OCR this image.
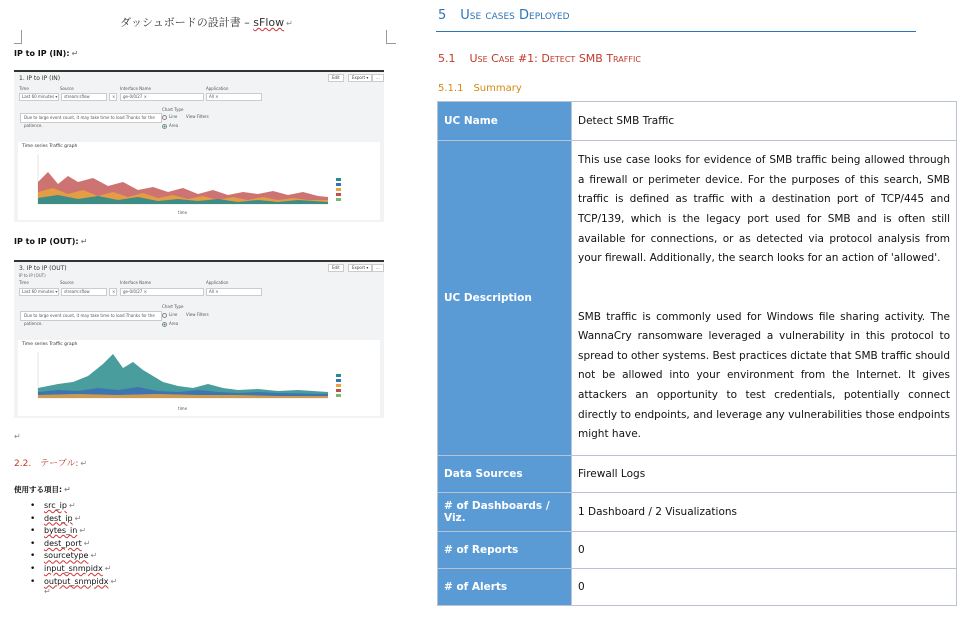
ダッシュボードの設計書 – sFlow ↵
IP to IP (IN): ↵
1. IP to IP (IN)	Edit	Export ▾	...
Time	Source	Interface Name	Application
Last 60 minutes ▾	stream:sflow	×	ge-0/0/27 ×	All ×
Chart Type
Due to large event count, it may take time to load.Thanks for the patience.
Line View Filters
Area
Time series Traffic graph
time
IP to IP (OUT): ↵
3. IP to IP (OUT)
IP to IP (OUT)
Edit	Export ▾	...
Time	Source	Interface Name	Application
Last 60 minutes ▾	stream:sflow	×	ge-0/0/27 ×	All ×
Chart Type
Due to large event count, it may take time to load.Thanks for the patience.
Line View Filters
Area
Time series Traffic graph
time
↵
2.2.　テーブル: ↵
使用する項目: ↵
• src_ip ↵
• dest_ip ↵
• bytes_in ↵
• dest_port ↵
• sourcetype ↵
• input_snmpidx ↵
• output_snmpidx ↵
↵
5 Use cases Deployed
5.1 Use Case #1: Detect SMB Traffic
5.1.1 Summary
UC Name	Detect SMB Traffic
UC Description	This use case looks for evidence of SMB traffic being allowed through a firewall or perimeter device. For the purposes of this search, SMB traffic is defined as traffic with a destination port of TCP/445 and TCP/139, which is the legacy port used for SMB and is often still available for connections, or as detected via protocol analysis from your firewall. Additionally, the search looks for an action of 'allowed'.

SMB traffic is commonly used for Windows file sharing activity. The WannaCry ransomware leveraged a vulnerability in this protocol to spread to other systems. Best practices dictate that SMB traffic should not be allowed into your environment from the Internet. It gives attackers an opportunity to test credentials, potentially connect directly to endpoints, and leverage any vulnerabilities those endpoints might have.

Data Sources	Firewall Logs
# of Dashboards / Viz.	1 Dashboard / 2 Visualizations
# of Reports	0
# of Alerts	0
